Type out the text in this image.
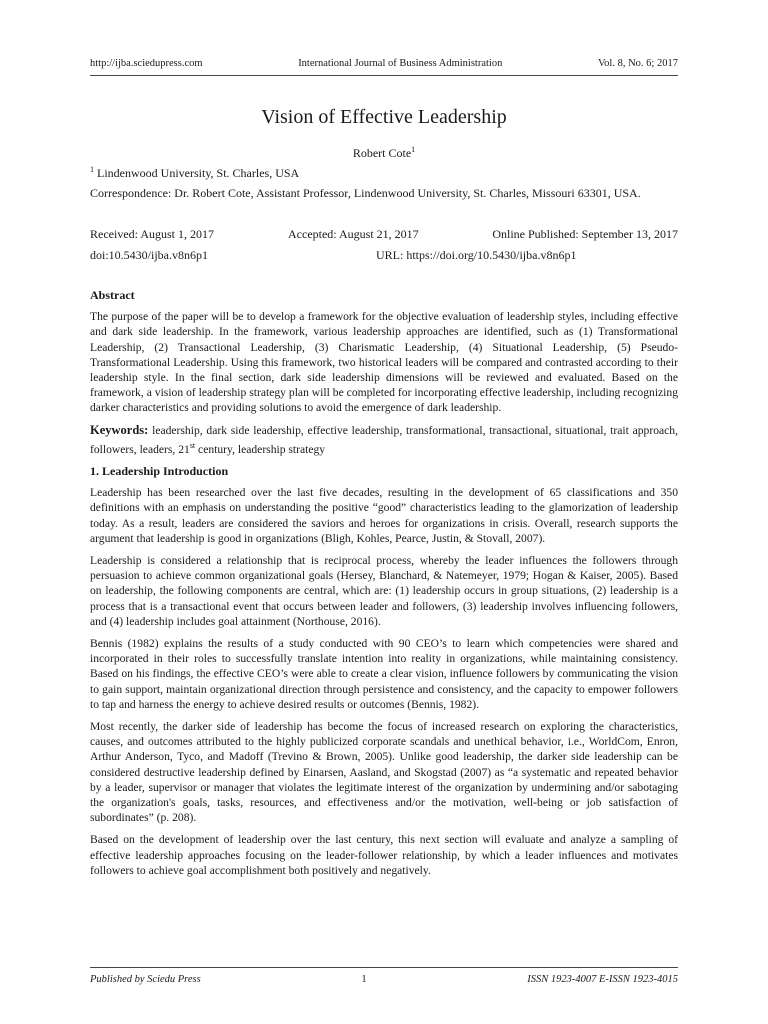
http://ijba.sciedupress.com	International Journal of Business Administration	Vol. 8, No. 6; 2017
Vision of Effective Leadership
Robert Cote$^1$
$^1$ Lindenwood University, St. Charles, USA
Correspondence: Dr. Robert Cote, Assistant Professor, Lindenwood University, St. Charles, Missouri 63301, USA.
Received: August 1, 2017	Accepted: August 21, 2017	Online Published: September 13, 2017
doi:10.5430/ijba.v8n6p1	URL: https://doi.org/10.5430/ijba.v8n6p1
Abstract

The purpose of the paper will be to develop a framework for the objective evaluation of leadership styles, including effective and dark side leadership. In the framework, various leadership approaches are identified, such as (1) Transformational Leadership, (2) Transactional Leadership, (3) Charismatic Leadership, (4) Situational Leadership, (5) Pseudo-Transformational Leadership. Using this framework, two historical leaders will be compared and contrasted according to their leadership style. In the final section, dark side leadership dimensions will be reviewed and evaluated. Based on the framework, a vision of leadership strategy plan will be completed for incorporating effective leadership, including recognizing darker characteristics and providing solutions to avoid the emergence of dark leadership.

Keywords: leadership, dark side leadership, effective leadership, transformational, transactional, situational, trait approach, followers, leaders, 21st century, leadership strategy

1. Leadership Introduction

Leadership has been researched over the last five decades, resulting in the development of 65 classifications and 350 definitions with an emphasis on understanding the positive “good” characteristics leading to the glamorization of leadership today. As a result, leaders are considered the saviors and heroes for organizations in crisis. Overall, research supports the argument that leadership is good in organizations (Bligh, Kohles, Pearce, Justin, & Stovall, 2007).

Leadership is considered a relationship that is reciprocal process, whereby the leader influences the followers through persuasion to achieve common organizational goals (Hersey, Blanchard, & Natemeyer, 1979; Hogan & Kaiser, 2005). Based on leadership, the following components are central, which are: (1) leadership occurs in group situations, (2) leadership is a process that is a transactional event that occurs between leader and followers, (3) leadership involves influencing followers, and (4) leadership includes goal attainment (Northouse, 2016).

Bennis (1982) explains the results of a study conducted with 90 CEO’s to learn which competencies were shared and incorporated in their roles to successfully translate intention into reality in organizations, while maintaining consistency. Based on his findings, the effective CEO’s were able to create a clear vision, influence followers by communicating the vision to gain support, maintain organizational direction through persistence and consistency, and the capacity to empower followers to tap and harness the energy to achieve desired results or outcomes (Bennis, 1982).

Most recently, the darker side of leadership has become the focus of increased research on exploring the characteristics, causes, and outcomes attributed to the highly publicized corporate scandals and unethical behavior, i.e., WorldCom, Enron, Arthur Anderson, Tyco, and Madoff (Trevino & Brown, 2005). Unlike good leadership, the darker side leadership can be considered destructive leadership defined by Einarsen, Aasland, and Skogstad (2007) as “a systematic and repeated behavior by a leader, supervisor or manager that violates the legitimate interest of the organization by undermining and/or sabotaging the organization's goals, tasks, resources, and effectiveness and/or the motivation, well-being or job satisfaction of subordinates” (p. 208).

Based on the development of leadership over the last century, this next section will evaluate and analyze a sampling of effective leadership approaches focusing on the leader-follower relationship, by which a leader influences and motivates followers to achieve goal accomplishment both positively and negatively.

Published by Sciedu Press	1	ISSN 1923-4007 E-ISSN 1923-4015
